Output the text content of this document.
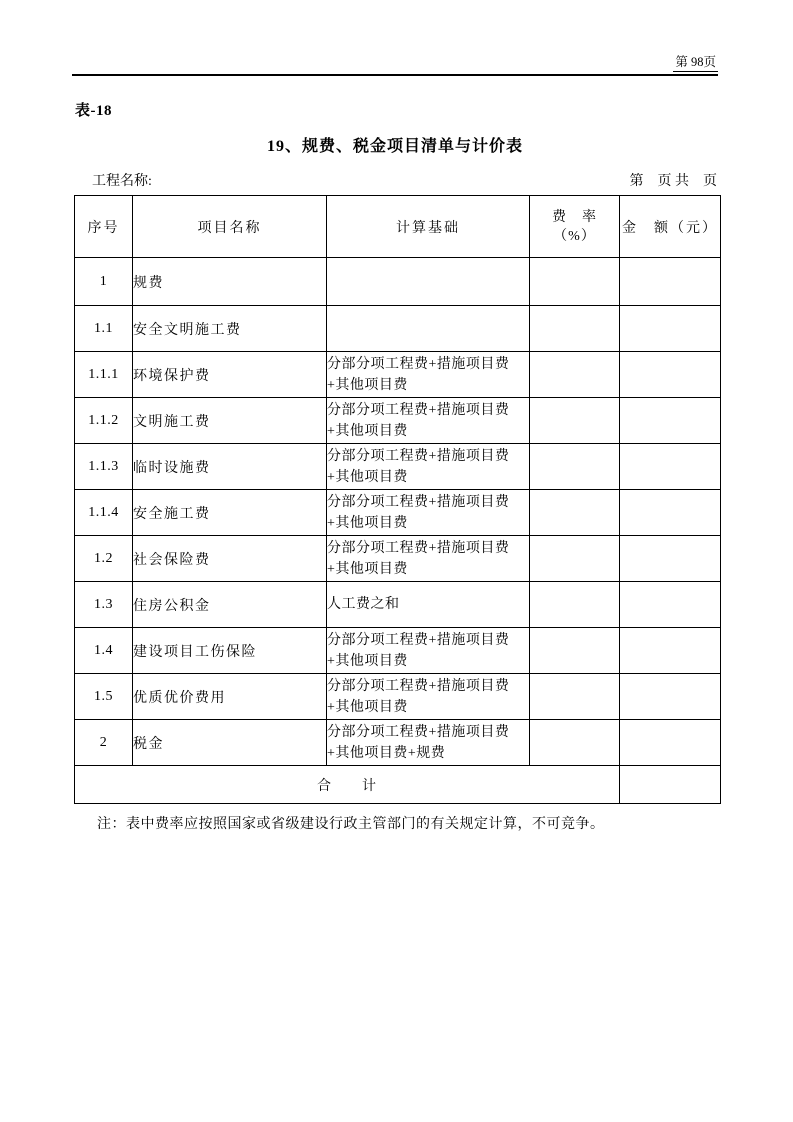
第 98页
表-18
19、规费、税金项目清单与计价表
工程名称:	第　页 共　页
序号	项目名称	计算基础	费　率
（%）	金　额（元）
1	规费			
1.1	安全文明施工费			
1.1.1	环境保护费	分部分项工程费+措施项目费+其他项目费		
1.1.2	文明施工费	分部分项工程费+措施项目费+其他项目费		
1.1.3	临时设施费	分部分项工程费+措施项目费+其他项目费		
1.1.4	安全施工费	分部分项工程费+措施项目费+其他项目费		
1.2	社会保险费	分部分项工程费+措施项目费+其他项目费		
1.3	住房公积金	人工费之和		
1.4	建设项目工伤保险	分部分项工程费+措施项目费+其他项目费		
1.5	优质优价费用	分部分项工程费+措施项目费+其他项目费		
2	税金	分部分项工程费+措施项目费+其他项目费+规费		
合　　计				
注：表中费率应按照国家或省级建设行政主管部门的有关规定计算，不可竞争。
